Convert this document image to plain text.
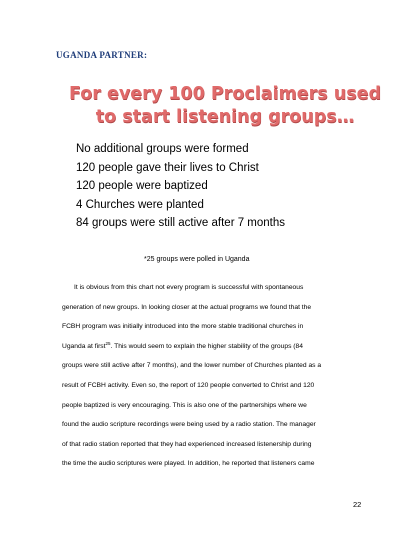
UGANDA PARTNER:
For every 100 Proclaimers used
to start listening groups…
No additional groups were formed
120 people gave their lives to Christ
120 people were baptized
4 Churches were planted
84 groups were still active after 7 months
*25 groups were polled in Uganda

It is obvious from this chart not every program is successful with spontaneous
generation of new groups. In looking closer at the actual programs we found that the
FCBH program was initially introduced into the more stable traditional churches in
Uganda at first$^{25}$. This would seem to explain the higher stability of the groups (84
groups were still active after 7 months), and the lower number of Churches planted as a
result of FCBH activity. Even so, the report of 120 people converted to Christ and 120
people baptized is very encouraging. This is also one of the partnerships where we
found the audio scripture recordings were being used by a radio station. The manager
of that radio station reported that they had experienced increased listenership during
the time the audio scriptures were played. In addition, he reported that listeners came

22
